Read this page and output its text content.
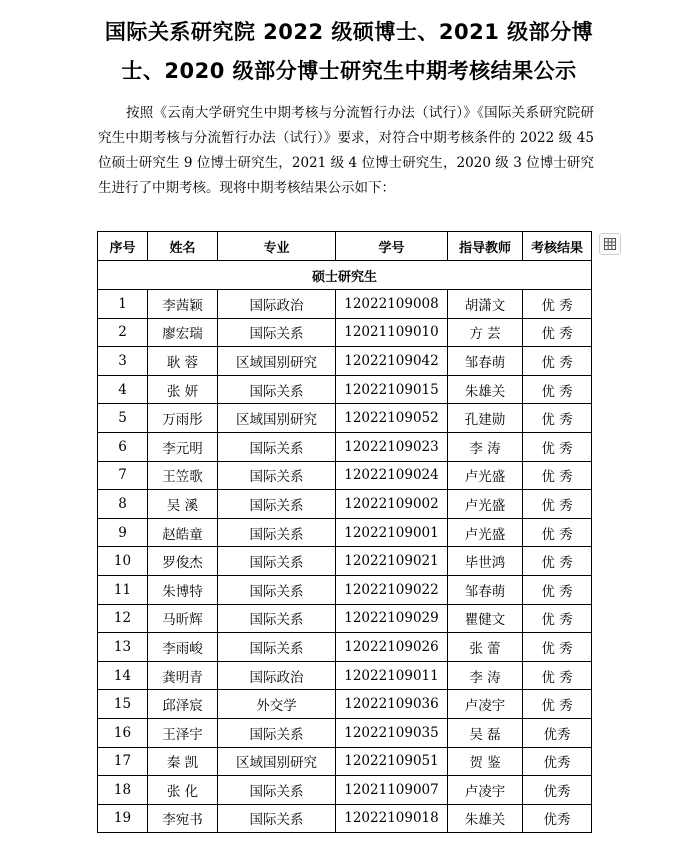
国际关系研究院 2022 级硕博士、2021 级部分博
士、2020 级部分博士研究生中期考核结果公示

按照《云南大学研究生中期考核与分流暂行办法（试行）》《国际关系研究院研究生中期考核与分流暂行办法（试行）》要求，对符合中期考核条件的 2022 级 45 位硕士研究生 9 位博士研究生，2021 级 4 位博士研究生，2020 级 3 位博士研究生进行了中期考核。现将中期考核结果公示如下：

序号	姓名	专业	学号	指导教师	考核结果
硕士研究生					
1	李茜颖	国际政治	12022109008	胡潇文	优 秀
2	廖宏瑞	国际关系	12021109010	方 芸	优 秀
3	耿 蓉	区域国别研究	12022109042	邹春萌	优 秀
4	张 妍	国际关系	12022109015	朱雄关	优 秀
5	万雨彤	区域国别研究	12022109052	孔建勋	优 秀
6	李元明	国际关系	12022109023	李 涛	优 秀
7	王笠歌	国际关系	12022109024	卢光盛	优 秀
8	吴 溪	国际关系	12022109002	卢光盛	优 秀
9	赵皓童	国际关系	12022109001	卢光盛	优 秀
10	罗俊杰	国际关系	12022109021	毕世鸿	优 秀
11	朱博特	国际关系	12022109022	邹春萌	优 秀
12	马昕辉	国际关系	12022109029	瞿健文	优 秀
13	李雨峻	国际关系	12022109026	张 蕾	优 秀
14	龚明青	国际政治	12022109011	李 涛	优 秀
15	邱泽宸	外交学	12022109036	卢凌宇	优 秀
16	王泽宇	国际关系	12022109035	吴 磊	优秀
17	秦 凯	区域国别研究	12022109051	贺 鉴	优秀
18	张 化	国际关系	12021109007	卢凌宇	优秀
19	李宛书	国际关系	12022109018	朱雄关	优秀
